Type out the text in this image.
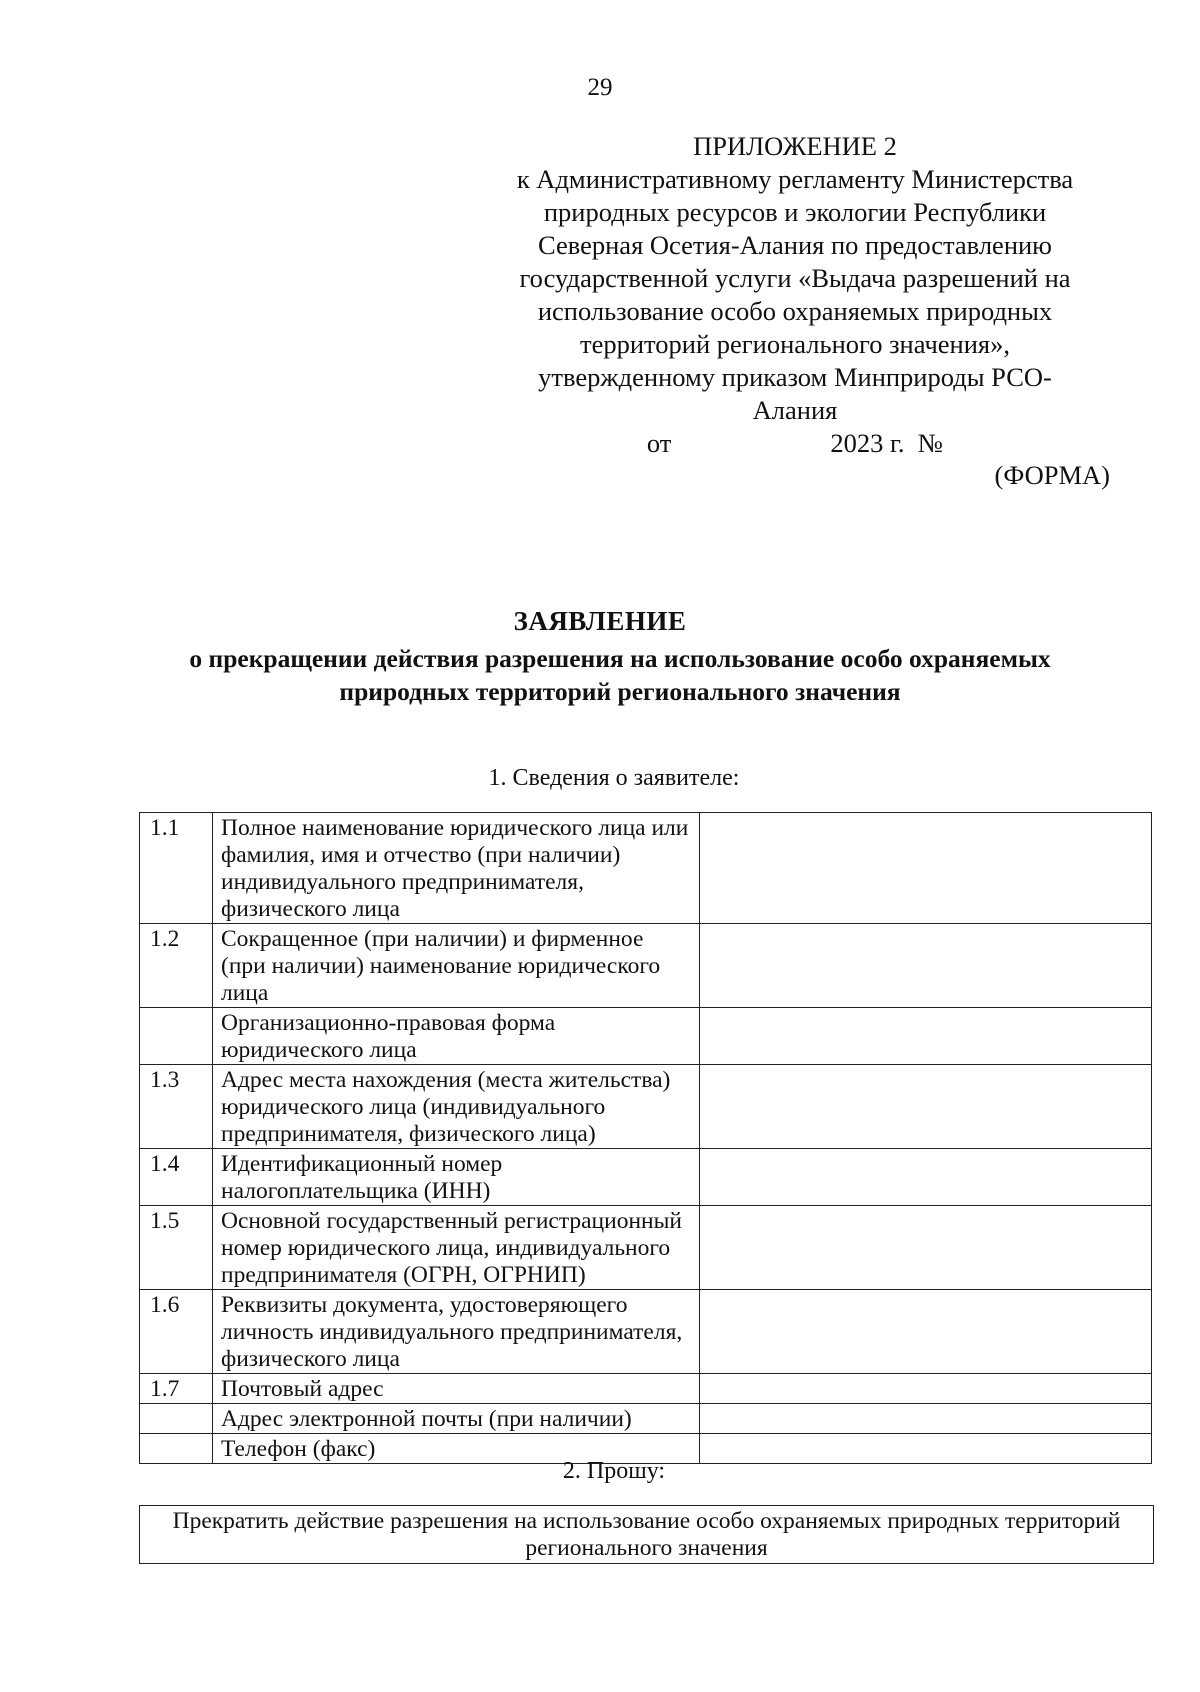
29
ПРИЛОЖЕНИЕ 2
к Административному регламенту Министерства
природных ресурсов и экологии Республики
Северная Осетия-Алания по предоставлению
государственной услуги «Выдача разрешений на
использование особо охраняемых природных
территорий регионального значения»,
утвержденному приказом Минприроды РСО-
Алания
от	2023 г. №
(ФОРМА)
ЗАЯВЛЕНИЕ
о прекращении действия разрешения на использование особо охраняемых
природных территорий регионального значения
1. Сведения о заявителе:
1.1	Полное наименование юридического лица или фамилия, имя и отчество (при наличии) индивидуального предпринимателя, физического лица	
1.2	Сокращенное (при наличии) и фирменное (при наличии) наименование юридического лица	
	Организационно-правовая форма юридического лица	
1.3	Адрес места нахождения (места жительства) юридического лица (индивидуального предпринимателя, физического лица)	
1.4	Идентификационный номер налогоплательщика (ИНН)	
1.5	Основной государственный регистрационный номер юридического лица, индивидуального предпринимателя (ОГРН, ОГРНИП)	
1.6	Реквизиты документа, удостоверяющего личность индивидуального предпринимателя, физического лица	
1.7	Почтовый адрес	
	Адрес электронной почты (при наличии)	
	Телефон (факс)	
2. Прошу:
Прекратить действие разрешения на использование особо охраняемых природных территорий регионального значения
